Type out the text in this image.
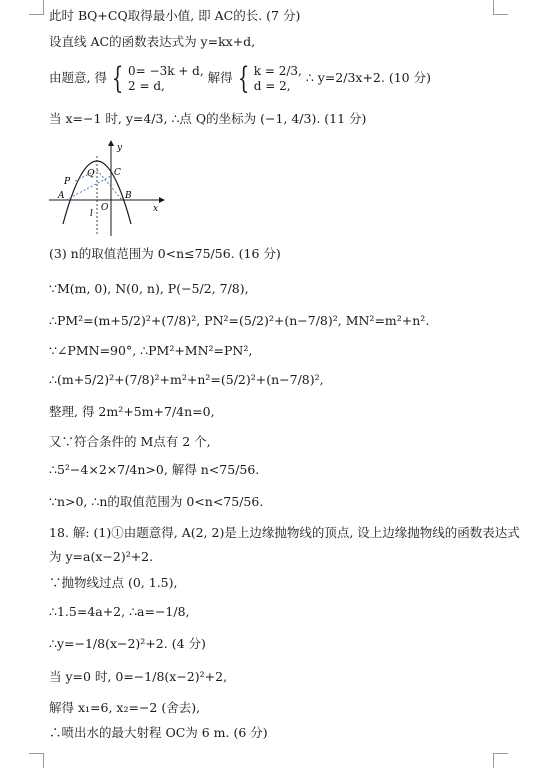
此时 BQ+CQ取得最小值, 即 AC的长. (7 分)
设直线 AC的函数表达式为 y=kx+d,
由题意, 得 { 0= −3k + d,
2 = d,
解得 { k = 2/3,
d = 2,
∴ y=2/3x+2. (10 分)
当 x=−1 时, y=4/3, ∴点 Q的坐标为 (−1, 4/3). (11 分)
y
x
P
Q C
A
O
B
l
(3) n的取值范围为 0<n≤75/56. (16 分)
∵M(m, 0), N(0, n), P(−5/2, 7/8),
∴PM²=(m+5/2)²+(7/8)², PN²=(5/2)²+(n−7/8)², MN²=m²+n².
∵∠PMN=90°, ∴PM²+MN²=PN²,
∴(m+5/2)²+(7/8)²+m²+n²=(5/2)²+(n−7/8)²,
整理, 得 2m²+5m+7/4n=0,
又∵符合条件的 M点有 2 个,
∴5²−4×2×7/4n>0, 解得 n<75/56.
∵n>0, ∴n的取值范围为 0<n<75/56.
18. 解: (1)①由题意得, A(2, 2)是上边缘抛物线的顶点, 设上边缘抛物线的函数表达式
为 y=a(x−2)²+2.
∵抛物线过点 (0, 1.5),
∴1.5=4a+2, ∴a=−1/8,
∴y=−1/8(x−2)²+2. (4 分)
当 y=0 时, 0=−1/8(x−2)²+2,
解得 x₁=6, x₂=−2 (舍去),
∴喷出水的最大射程 OC为 6 m. (6 分)
